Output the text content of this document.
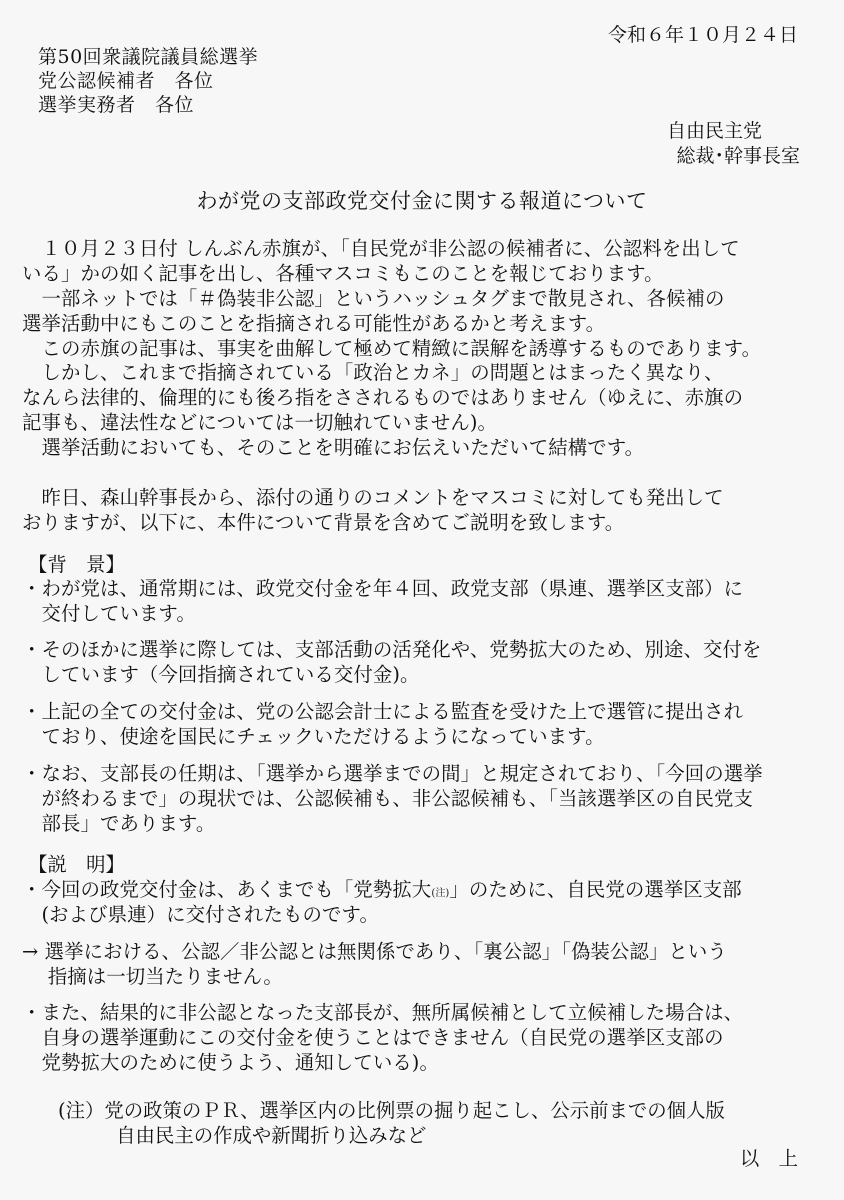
令和６年１０月２４日
第50回衆議院議員総選挙
党公認候補者　各位
選挙実務者　各位
自由民主党
総裁･幹事長室
わが党の支部政党交付金に関する報道について
　１０月２３日付 しんぶん赤旗が、「自民党が非公認の候補者に、公認料を出して
いる」かの如く記事を出し、各種マスコミもこのことを報じております。
　一部ネットでは「＃偽装非公認」というハッシュタグまで散見され、各候補の
選挙活動中にもこのことを指摘される可能性があるかと考えます。
　この赤旗の記事は、事実を曲解して極めて精緻に誤解を誘導するものであります。
　しかし、これまで指摘されている「政治とカネ」の問題とはまったく異なり、
なんら法律的、倫理的にも後ろ指をさされるものではありません（ゆえに、赤旗の
記事も、違法性などについては一切触れていません)。
　選挙活動においても、そのことを明確にお伝えいただいて結構です。
　昨日、森山幹事長から、添付の通りのコメントをマスコミに対しても発出して
おりますが、以下に、本件について背景を含めてご説明を致します。
【背　景】
・わが党は、通常期には、政党交付金を年４回、政党支部（県連、選挙区支部）に
　交付しています。
・そのほかに選挙に際しては、支部活動の活発化や、党勢拡大のため、別途、交付を
　しています（今回指摘されている交付金)。
・上記の全ての交付金は、党の公認会計士による監査を受けた上で選管に提出され
　ており、使途を国民にチェックいただけるようになっています。
・なお、支部長の任期は、「選挙から選挙までの間」と規定されており、「今回の選挙
　が終わるまで」の現状では、公認候補も、非公認候補も、「当該選挙区の自民党支
　部長」であります。
【説　明】
・今回の政党交付金は、あくまでも「党勢拡大(注)」のために、自民党の選挙区支部
　(および県連）に交付されたものです。
→ 選挙における、公認／非公認とは無関係であり、「裏公認」「偽装公認」という
　 指摘は一切当たりません。
・また、結果的に非公認となった支部長が、無所属候補として立候補した場合は、
　自身の選挙運動にこの交付金を使うことはできません（自民党の選挙区支部の
　党勢拡大のために使うよう、通知している)。
(注）党の政策のＰＲ、選挙区内の比例票の掘り起こし、公示前までの個人版
　　　自由民主の作成や新聞折り込みなど
以　上
